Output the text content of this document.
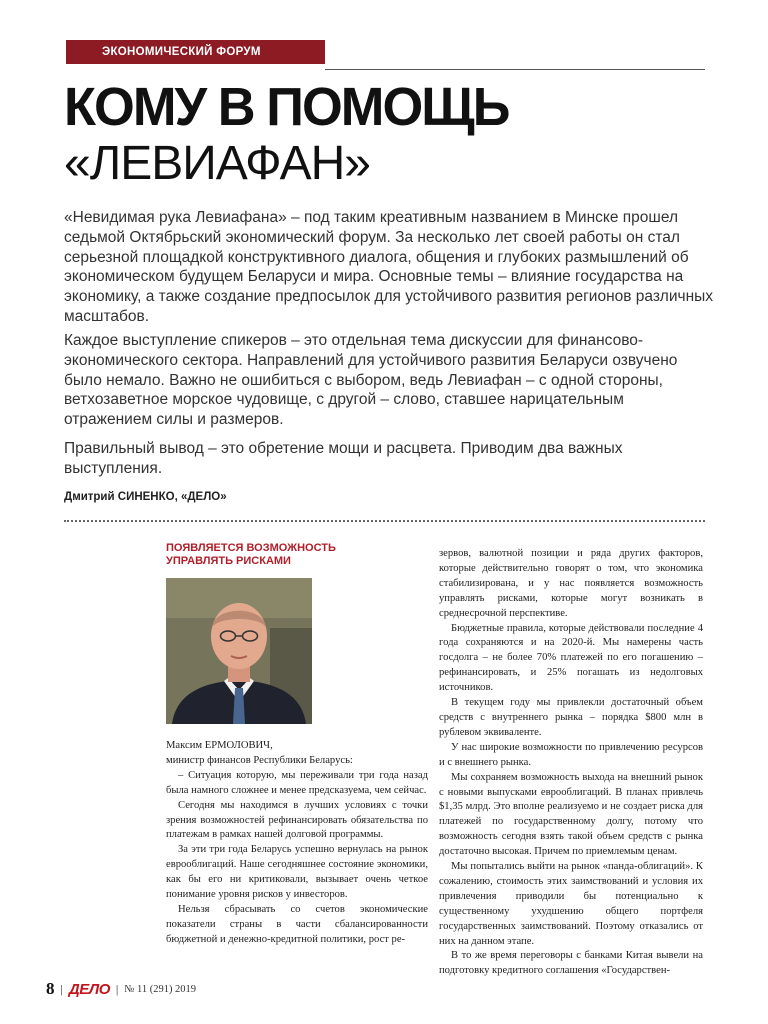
ЭКОНОМИЧЕСКИЙ ФОРУМ
КОМУ В ПОМОЩЬ
«ЛЕВИАФАН»

«Невидимая рука Левиафана» – под таким креативным названием в Минске прошел седьмой Октябрьский экономический форум. За несколько лет своей работы он стал серьезной площадкой конструктивного диалога, общения и глубоких размышлений об экономическом будущем Беларуси и мира. Основные темы – влияние государства на экономику, а также создание предпосылок для устойчивого развития регионов различных масштабов.

Каждое выступление спикеров – это отдельная тема дискуссии для финансово-экономического сектора. Направлений для устойчивого развития Беларуси озвучено было немало. Важно не ошибиться с выбором, ведь Левиафан – с одной стороны, ветхозаветное морское чудовище, с другой – слово, ставшее нарицательным отражением силы и размеров.

Правильный вывод – это обретение мощи и расцвета. Приводим два важных выступления.

Дмитрий СИНЕНКО, «ДЕЛО»

ПОЯВЛЯЕТСЯ ВОЗМОЖНОСТЬ УПРАВЛЯТЬ РИСКАМИ

Максим ЕРМОЛОВИЧ,

министр финансов Республики Беларусь:

– Ситуация которую, мы переживали три года назад была намного сложнее и менее предсказуема, чем сейчас.

Сегодня мы находимся в лучших условиях с точки зрения возможностей рефинансировать обязательства по платежам в рамках нашей долговой программы.

За эти три года Беларусь успешно вернулась на рынок еврооблигаций. Наше сегодняшнее состояние экономики, как бы его ни критиковали, вызывает очень четкое понимание уровня рисков у инвесторов.

Нельзя сбрасывать со счетов экономические показатели страны в части сбалансированности бюджетной и денежно-кредитной политики, рост ре-

зервов, валютной позиции и ряда других факторов, которые действительно говорят о том, что экономика стабилизирована, и у нас появляется возможность управлять рисками, которые могут возникать в среднесрочной перспективе.

Бюджетные правила, которые действовали последние 4 года сохраняются и на 2020-й. Мы намерены часть госдолга – не более 70% платежей по его погашению – рефинансировать, и 25% погашать из недолговых источников.

В текущем году мы привлекли достаточный объем средств с внутреннего рынка – порядка $800 млн в рублевом эквиваленте.

У нас широкие возможности по привлечению ресурсов и с внешнего рынка.

Мы сохраняем возможность выхода на внешний рынок с новыми выпусками еврооблигаций. В планах привлечь $1,35 млрд. Это вполне реализуемо и не создает риска для платежей по государственному долгу, потому что возможность сегодня взять такой объем средств с рынка достаточно высокая. Причем по приемлемым ценам.

Мы попытались выйти на рынок «панда-облигаций». К сожалению, стоимость этих заимствований и условия их привлечения приводили бы потенциально к существенному ухудшению общего портфеля государственных заимствований. Поэтому отказались от них на данном этапе.

В то же время переговоры с банками Китая вывели на подготовку кредитного соглашения «Государствен-

8 | ДЕЛО | № 11 (291) 2019
